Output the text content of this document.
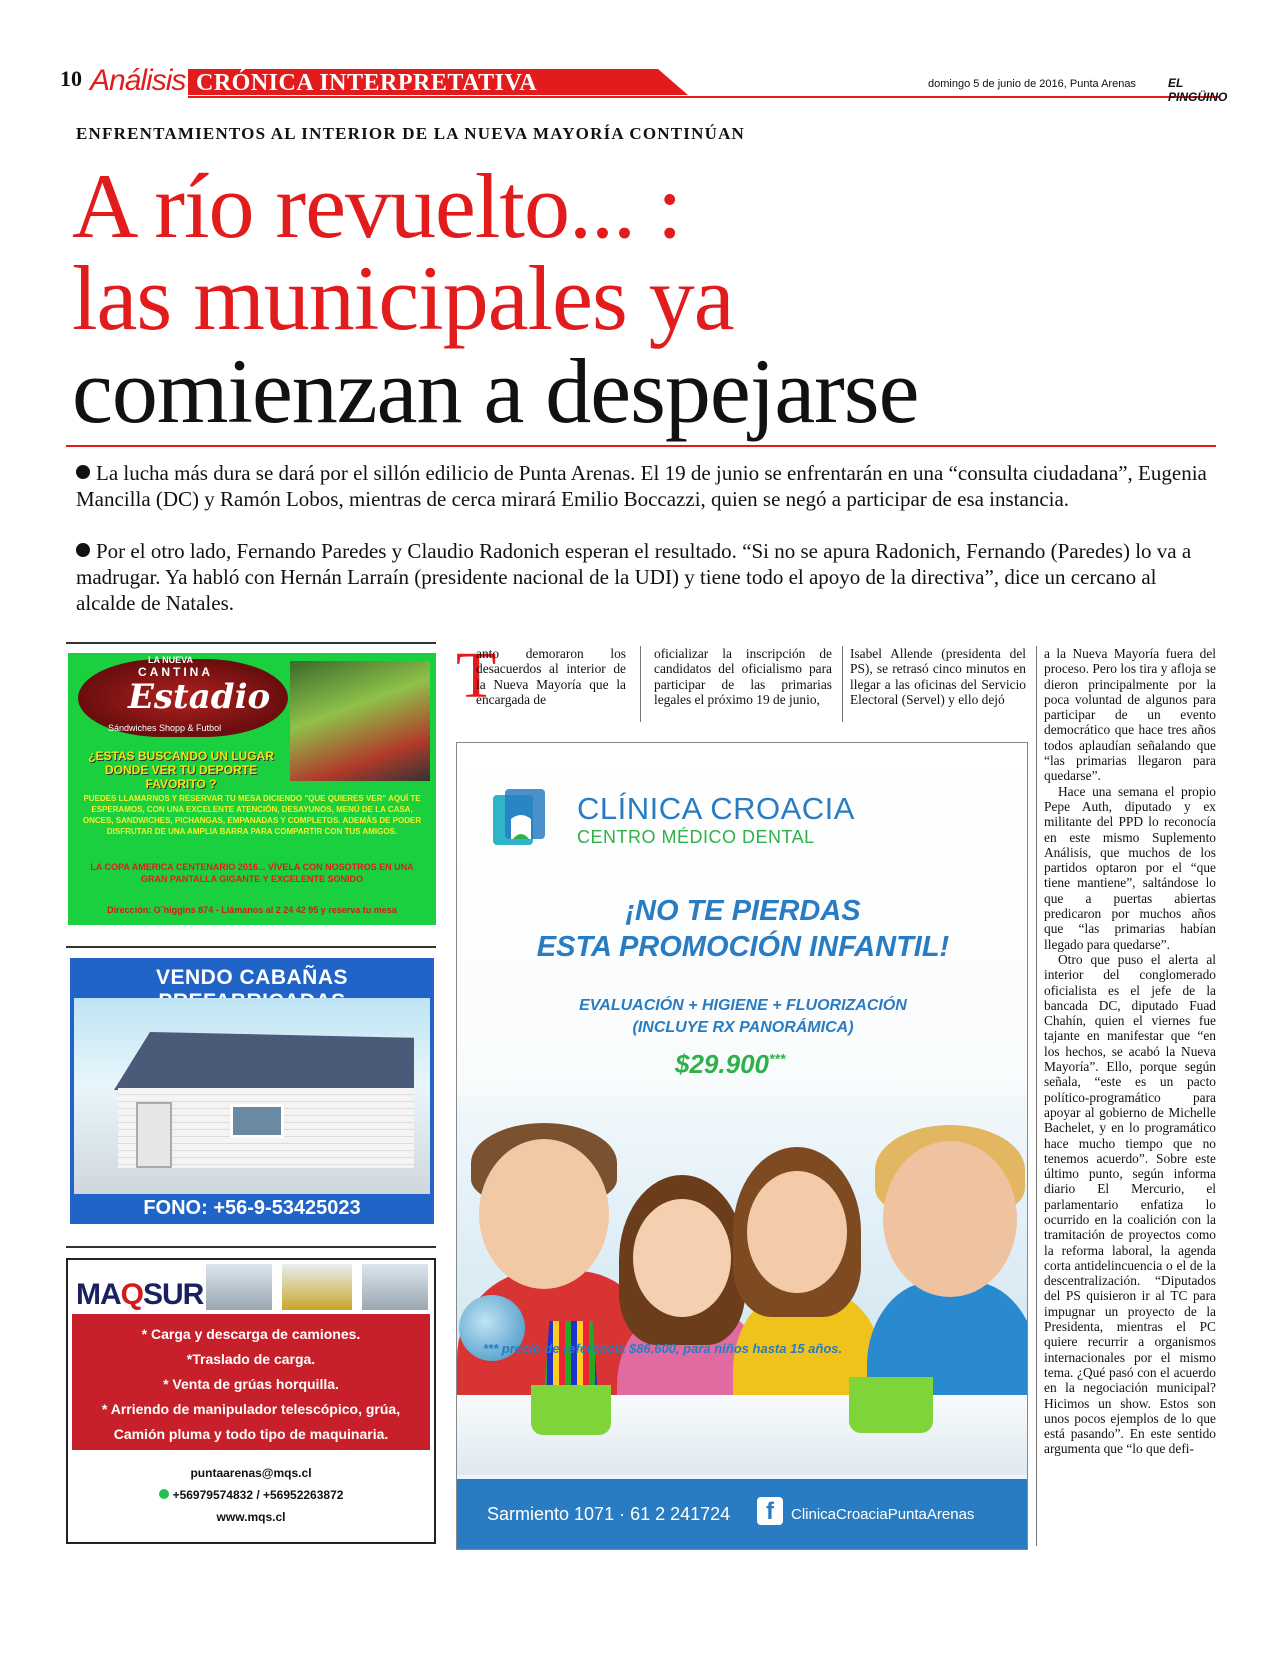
10 Análisis CRÓNICA INTERPRETATIVA	domingo 5 de junio de 2016, Punta Arenas	EL PINGÜINO
ENFRENTAMIENTOS AL INTERIOR DE LA NUEVA MAYORÍA CONTINÚAN
A río revuelto... :
las municipales ya
comienzan a despejarse
La lucha más dura se dará por el sillón edilicio de Punta Arenas. El 19 de junio se enfrentarán en una “consulta ciudadana”, Eugenia Mancilla (DC) y Ramón Lobos, mientras de cerca mirará Emilio Boccazzi, quien se negó a participar de esa instancia.
Por el otro lado, Fernando Paredes y Claudio Radonich esperan el resultado. “Si no se apura Radonich, Fernando (Paredes) lo va a madrugar. Ya habló con Hernán Larraín (presidente nacional de la UDI) y tiene todo el apoyo de la directiva”, dice un cercano al alcalde de Natales.
LA NUEVA
CANTINA
Estadio
Sándwiches Shopp & Futbol
¿ESTAS BUSCANDO UN LUGAR DONDE VER TU DEPORTE FAVORITO ?
PUEDES LLAMARNOS Y RESERVAR TU MESA DICIENDO "QUE QUIERES VER" AQUÍ TE ESPERAMOS, CON UNA EXCELENTE ATENCIÓN, DESAYUNOS, MENÚ DE LA CASA, ONCES, SANDWICHES, PICHANGAS, EMPANADAS Y COMPLETOS. ADEMÁS DE PODER DISFRUTAR DE UNA AMPLIA BARRA PARA COMPARTIR CON TUS AMIGOS.
LA COPA AMERICA CENTENARIO 2016... VÍVELA CON NOSOTROS EN UNA GRAN PANTALLA GIGANTE Y EXCELENTE SONIDO
Dirección: O´higgins 874 - Llámanos al 2 24 42 95 y reserva tu mesa
VENDO CABAÑAS
FONO: +56-9-53425023
MAQSUR
* Carga y descarga de camiones.
*Traslado de carga.
* Venta de grúas horquilla.
* Arriendo de manipulador telescópico, grúa,
Camión pluma y todo tipo de maquinaria.
puntaarenas@mqs.cl
+56979574832 / +56952263872
www.mqs.cl
T
anto demoraron los desacuerdos al interior de la Nueva Mayoría que la encargada de
oficializar la inscripción de candidatos del oficialismo para participar de las primarias legales el próximo 19 de junio,
Isabel Allende (presidenta del PS), se retrasó cinco minutos en llegar a las oficinas del Servicio Electoral (Servel) y ello dejó

a la Nueva Mayoría fuera del proceso. Pero los tira y afloja se dieron principalmente por la poca voluntad de algunos para participar de un evento democrático que hace tres años todos aplaudían señalando que “las primarias llegaron para quedarse”.

Hace una semana el propio Pepe Auth, diputado y ex militante del PPD lo reconocía en este mismo Suplemento Análisis, que muchos de los partidos optaron por el “que tiene mantiene”, saltándose lo que a puertas abiertas predicaron por muchos años que “las primarias habían llegado para quedarse”.

Otro que puso el alerta al interior del conglomerado oficialista es el jefe de la bancada DC, diputado Fuad Chahín, quien el viernes fue tajante en manifestar que “en los hechos, se acabó la Nueva Mayoría”. Ello, porque según señala, “este es un pacto político-programático para apoyar al gobierno de Michelle Bachelet, y en lo programático hace mucho tiempo que no tenemos acuerdo”. Sobre este último punto, según informa diario El Mercurio, el parlamentario enfatiza lo ocurrido en la coalición con la tramitación de proyectos como la reforma laboral, la agenda corta antidelincuencia o el de la descentralización. “Diputados del PS quisieron ir al TC para impugnar un proyecto de la Presidenta, mientras el PC quiere recurrir a organismos internacionales por el mismo tema. ¿Qué pasó con el acuerdo en la negociación municipal? Hicimos un show. Estos son unos pocos ejemplos de lo que está pasando”. En este sentido argumenta que “lo que defi-

CLÍNICA CROACIA
CENTRO MÉDICO DENTAL
¡NO TE PIERDAS
ESTA PROMOCIÓN INFANTIL!
EVALUACIÓN + HIGIENE + FLUORIZACIÓN
(INCLUYE RX PANORÁMICA)
$29.900***
*** precio de referencia $86.600, para niños hasta 15 años.
Sarmiento 1071 · 61 2 241724	f	ClinicaCroaciaPuntaArenas
